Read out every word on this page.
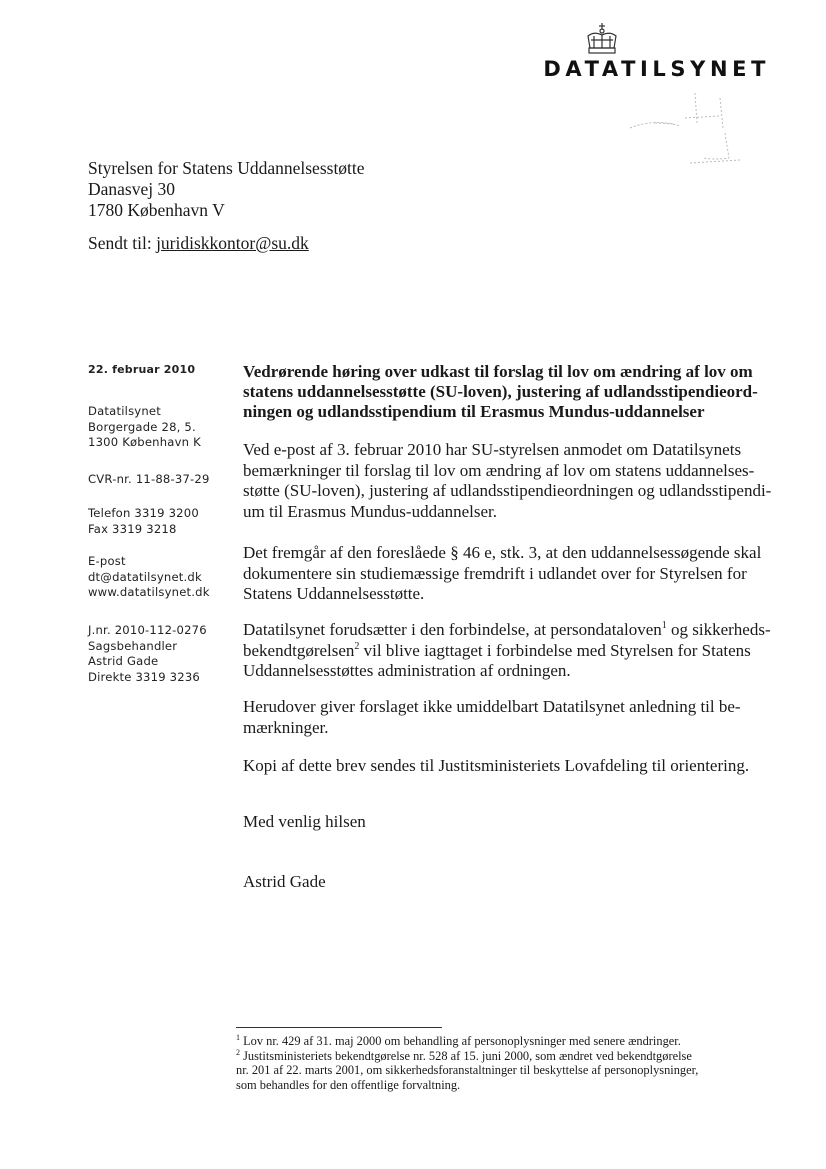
DATATILSYNET
Styrelsen for Statens Uddannelsesstøtte
Danasvej 30
1780 København V
Sendt til: juridiskkontor@su.dk
22. februar 2010
Datatilsynet
Borgergade 28, 5.
1300 København K
CVR-nr. 11-88-37-29
Telefon 3319 3200
Fax 3319 3218
E-post
dt@datatilsynet.dk
www.datatilsynet.dk
J.nr. 2010-112-0276
Sagsbehandler
Astrid Gade
Direkte 3319 3236
Vedrørende høring over udkast til forslag til lov om ændring af lov om
statens uddannelsesstøtte (SU-loven), justering af udlandsstipendieord-
ningen og udlandsstipendium til Erasmus Mundus-uddannelser
Ved e-post af 3. februar 2010 har SU-styrelsen anmodet om Datatilsynets
bemærkninger til forslag til lov om ændring af lov om statens uddannelses-
støtte (SU-loven), justering af udlandsstipendieordningen og udlandsstipendi-
um til Erasmus Mundus-uddannelser.
Det fremgår af den foreslåede § 46 e, stk. 3, at den uddannelsessøgende skal
dokumentere sin studiemæssige fremdrift i udlandet over for Styrelsen for
Statens Uddannelsesstøtte.
Datatilsynet forudsætter i den forbindelse, at persondataloven$^1$ og sikkerheds-
bekendtgørelsen$^2$ vil blive iagttaget i forbindelse med Styrelsen for Statens
Uddannelsesstøttes administration af ordningen.
Herudover giver forslaget ikke umiddelbart Datatilsynet anledning til be-
mærkninger.
Kopi af dette brev sendes til Justitsministeriets Lovafdeling til orientering.
Med venlig hilsen
Astrid Gade
$^1$ Lov nr. 429 af 31. maj 2000 om behandling af personoplysninger med senere ændringer.
$^2$ Justitsministeriets bekendtgørelse nr. 528 af 15. juni 2000, som ændret ved bekendtgørelse
nr. 201 af 22. marts 2001, om sikkerhedsforanstaltninger til beskyttelse af personoplysninger,
som behandles for den offentlige forvaltning.
